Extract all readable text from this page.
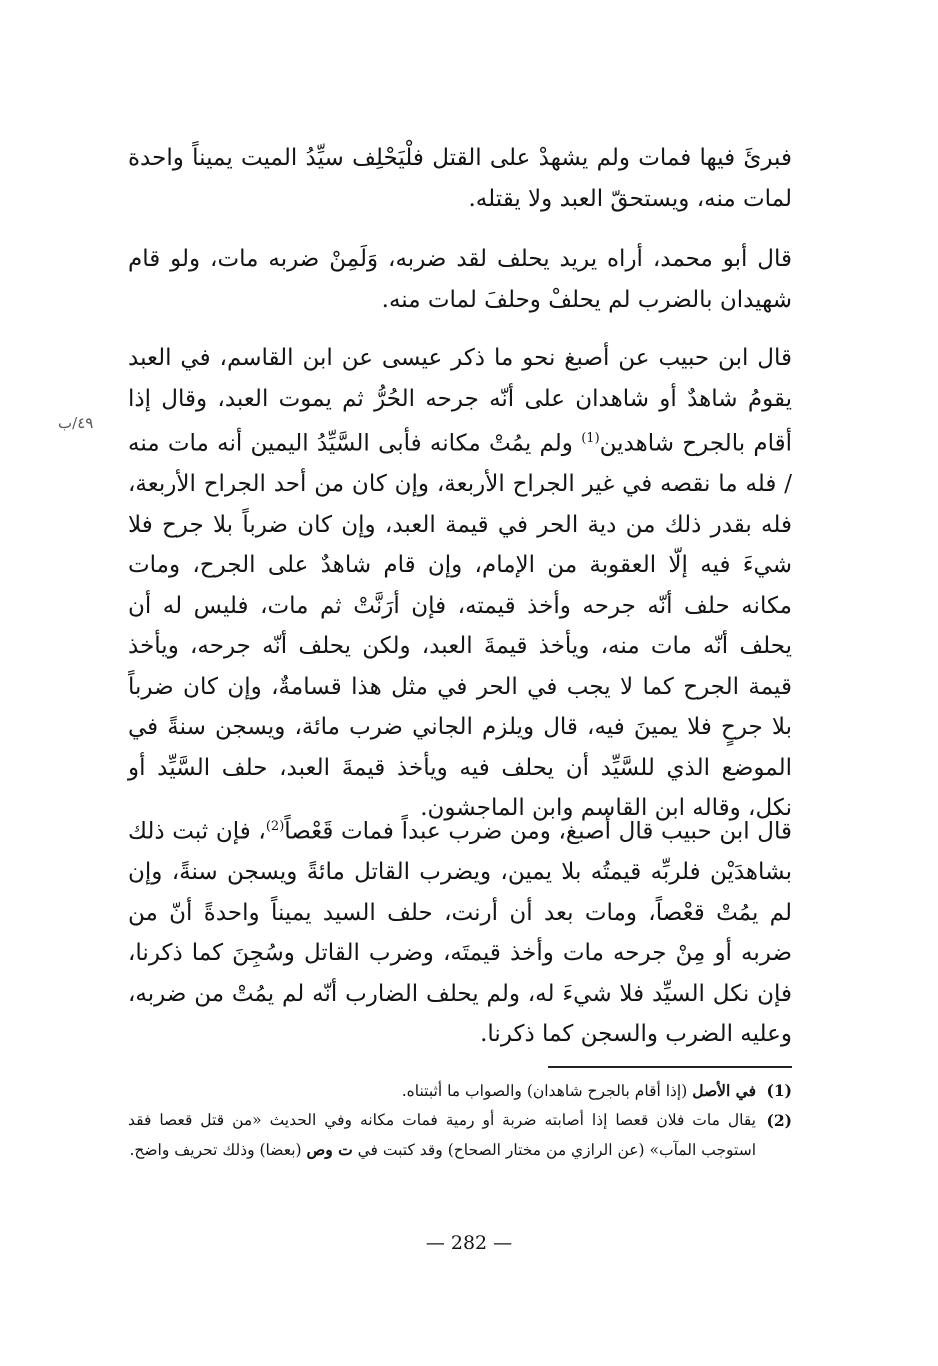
فبرئَ فيها فمات ولم يشهدْ على القتل فلْيَحْلِف سيِّدُ الميت يميناً واحدة لمات منه، ويستحقّ العبد ولا يقتله.

قال أبو محمد، أراه يريد يحلف لقد ضربه، وَلَمِنْ ضربه مات، ولو قام شهيدان بالضرب لم يحلفْ وحلفَ لمات منه.

قال ابن حبيب عن أصبغ نحو ما ذكر عيسى عن ابن القاسم، في العبد يقومُ شاهدٌ أو شاهدان على أنّه جرحه الحُرُّ ثم يموت العبد، وقال إذا أقام بالجرح شاهدين$^{(1)}$ ولم يمُتْ مكانه فأبى السَّيِّدُ اليمين أنه مات منه / فله ما نقصه في غير الجراح الأربعة، وإن كان من أحد الجراح الأربعة، فله بقدر ذلك من دية الحر في قيمة العبد، وإن كان ضرباً بلا جرح فلا شيءَ فيه إلّا العقوبة من الإمام، وإن قام شاهدٌ على الجرح، ومات مكانه حلف أنّه جرحه وأخذ قيمته، فإن أرَنَّتْ ثم مات، فليس له أن يحلف أنّه مات منه، ويأخذ قيمةَ العبد، ولكن يحلف أنّه جرحه، ويأخذ قيمة الجرح كما لا يجب في الحر في مثل هذا قسامةٌ، وإن كان ضرباً بلا جرحٍ فلا يمينَ فيه، قال ويلزم الجاني ضرب مائة، ويسجن سنةً في الموضع الذي للسَّيِّد أن يحلف فيه ويأخذ قيمةَ العبد، حلف السَّيِّد أو نكل، وقاله ابن القاسم وابن الماجشون.

٤٩/ب

قال ابن حبيب قال أصبغ، ومن ضرب عبداً فمات قَعْصاً$^{(2)}$، فإن ثبت ذلك بشاهدَيْن فلربِّه قيمتُه بلا يمين، ويضرب القاتل مائةً ويسجن سنةً، وإن لم يمُتْ قعْصاً، ومات بعد أن أرنت، حلف السيد يميناً واحدةً أنّ من ضربه أو مِنْ جرحه مات وأخذ قيمتَه، وضرب القاتل وسُجِنَ كما ذكرنا، فإن نكل السيِّد فلا شيءَ له، ولم يحلف الضارب أنّه لم يمُتْ من ضربه، وعليه الضرب والسجن كما ذكرنا.

(1)
في الأصل (إذا أقام بالجرح شاهدان) والصواب ما أثبتناه.

(2)
يقال مات فلان قعصا إذا أصابته ضربة أو رمية فمات مكانه وفي الحديث «من قتل قعصا فقد استوجب المآب» (عن الرازي من مختار الصحاح) وقد كتبت في ت وص (بعضا) وذلك تحريف واضح.

— 282 —
